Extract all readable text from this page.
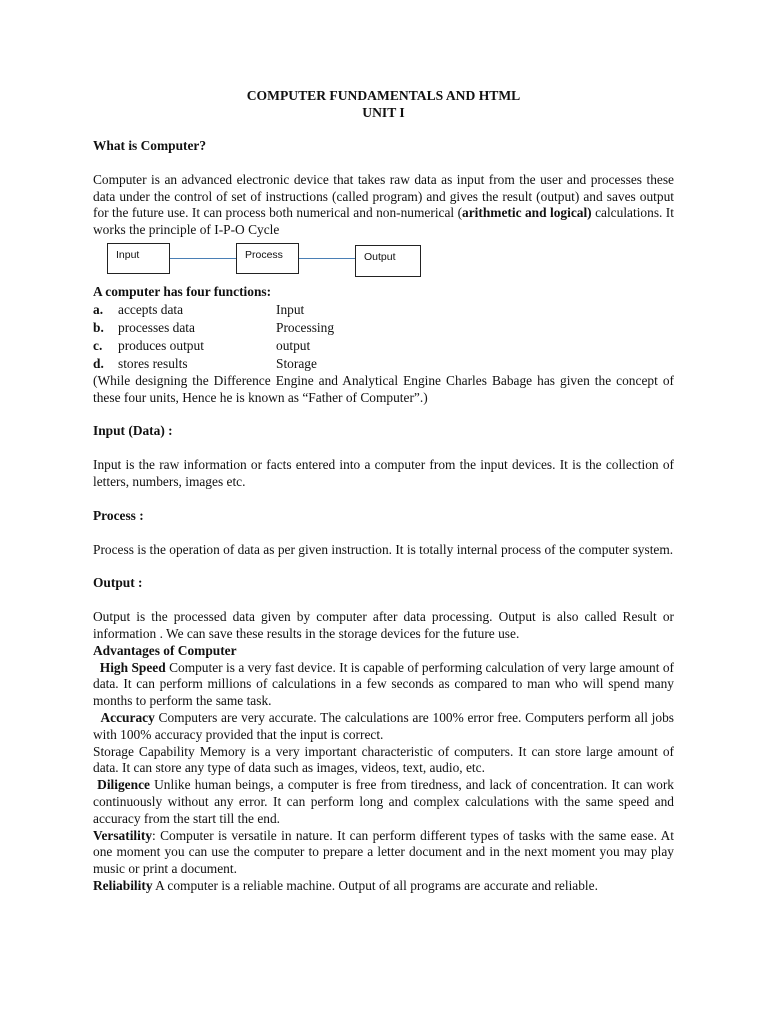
COMPUTER FUNDAMENTALS AND HTML
UNIT I
What is Computer?

Computer is an advanced electronic device that takes raw data as input from the user and processes these data under the control of set of instructions (called program) and gives the result (output) and saves output for the future use. It can process both numerical and non-numerical (arithmetic and logical) calculations. It works the principle of I-P-O Cycle

Input	Process	Output
A computer has four functions:
a.	accepts data	Input
b.	processes data	Processing
c.	produces output	output
d.	stores results	Storage

(While designing the Difference Engine and Analytical Engine Charles Babage has given the concept of these four units, Hence he is known as “Father of Computer”.)

Input (Data) :

Input is the raw information or facts entered into a computer from the input devices. It is the collection of letters, numbers, images etc.

Process :

Process is the operation of data as per given instruction. It is totally internal process of the computer system.

Output :

Output is the processed data given by computer after data processing. Output is also called Result or information . We can save these results in the storage devices for the future use.

Advantages of Computer

High Speed Computer is a very fast device. It is capable of performing calculation of very large amount of data. It can perform millions of calculations in a few seconds as compared to man who will spend many months to perform the same task.

Accuracy Computers are very accurate. The calculations are 100% error free. Computers perform all jobs with 100% accuracy provided that the input is correct.

Storage Capability Memory is a very important characteristic of computers. It can store large amount of data. It can store any type of data such as images, videos, text, audio, etc.

Diligence Unlike human beings, a computer is free from tiredness, and lack of concentration. It can work continuously without any error. It can perform long and complex calculations with the same speed and accuracy from the start till the end.

Versatility: Computer is versatile in nature. It can perform different types of tasks with the same ease. At one moment you can use the computer to prepare a letter document and in the next moment you may play music or print a document.

Reliability A computer is a reliable machine. Output of all programs are accurate and reliable.
